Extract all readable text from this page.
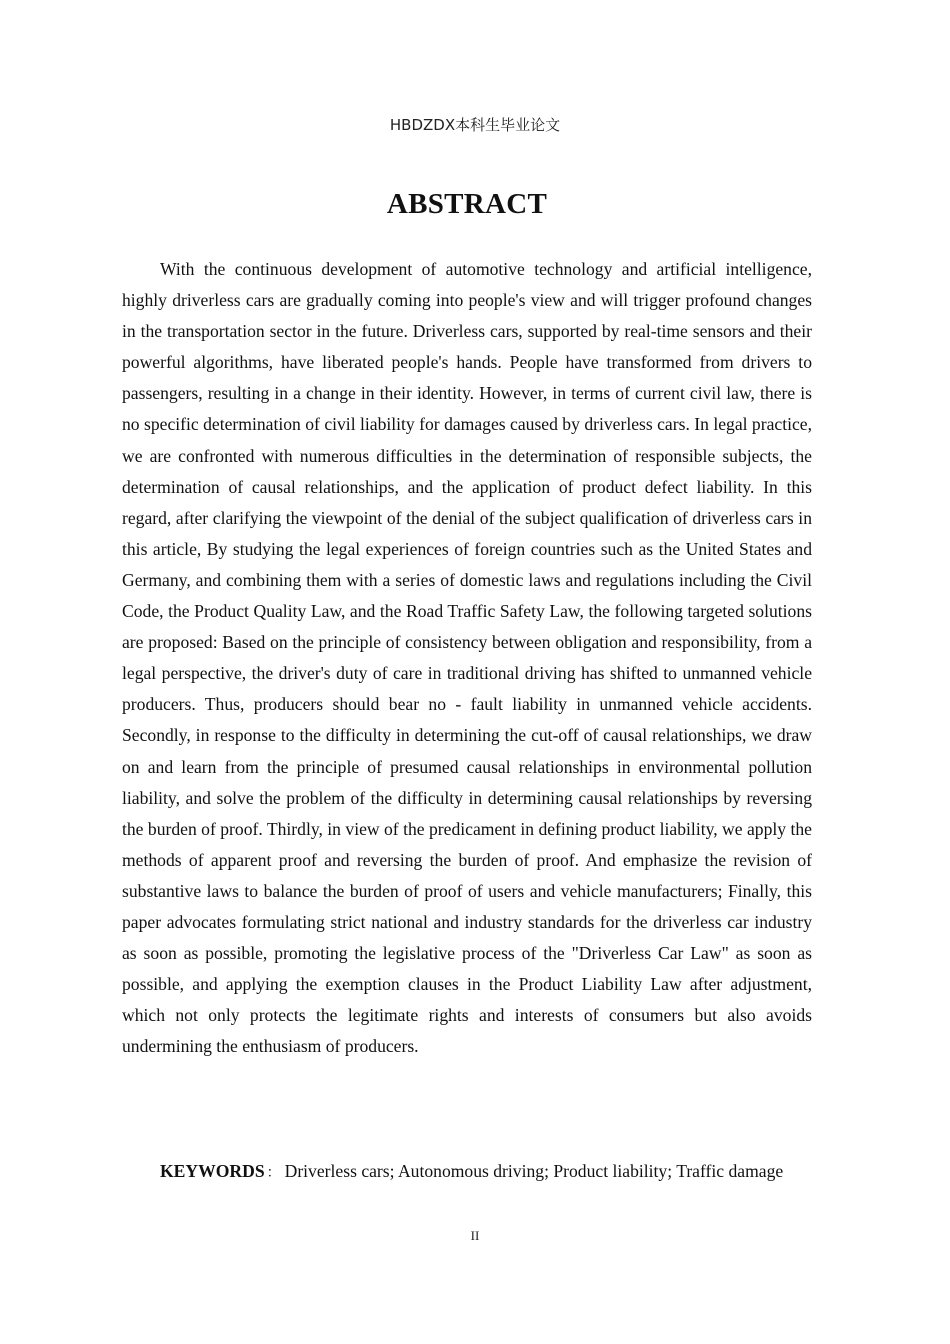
HBDZDX本科生毕业论文
ABSTRACT

With the continuous development of automotive technology and artificial intelligence, highly driverless cars are gradually coming into people's view and will trigger profound changes in the transportation sector in the future. Driverless cars, supported by real-time sensors and their powerful algorithms, have liberated people's hands. People have transformed from drivers to passengers, resulting in a change in their identity. However, in terms of current civil law, there is no specific determination of civil liability for damages caused by driverless cars. In legal practice, we are confronted with numerous difficulties in the determination of responsible subjects, the determination of causal relationships, and the application of product defect liability. In this regard, after clarifying the viewpoint of the denial of the subject qualification of driverless cars in this article, By studying the legal experiences of foreign countries such as the United States and Germany, and combining them with a series of domestic laws and regulations including the Civil Code, the Product Quality Law, and the Road Traffic Safety Law, the following targeted solutions are proposed: Based on the principle of consistency between obligation and responsibility, from a legal perspective, the driver's duty of care in traditional driving has shifted to unmanned vehicle producers. Thus, producers should bear no - fault liability in unmanned vehicle accidents. Secondly, in response to the difficulty in determining the cut-off of causal relationships, we draw on and learn from the principle of presumed causal relationships in environmental pollution liability, and solve the problem of the difficulty in determining causal relationships by reversing the burden of proof. Thirdly, in view of the predicament in defining product liability, we apply the methods of apparent proof and reversing the burden of proof. And emphasize the revision of substantive laws to balance the burden of proof of users and vehicle manufacturers; Finally, this paper advocates formulating strict national and industry standards for the driverless car industry as soon as possible, promoting the legislative process of the "Driverless Car Law" as soon as possible, and applying the exemption clauses in the Product Liability Law after adjustment, which not only protects the legitimate rights and interests of consumers but also avoids undermining the enthusiasm of producers.

KEYWORDS ： Driverless cars; Autonomous driving; Product liability; Traffic damage

II
